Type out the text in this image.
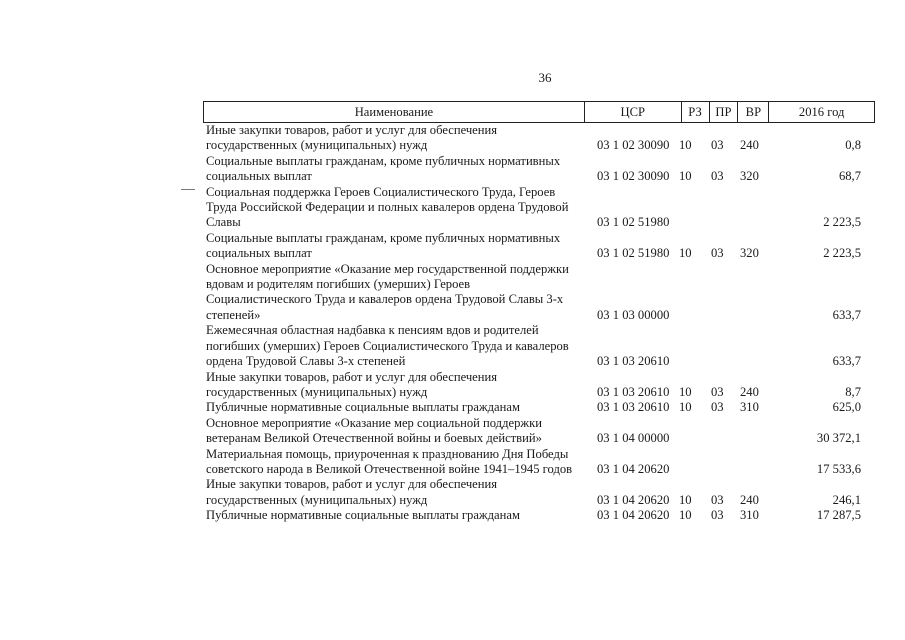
36
Наименование	ЦСР	РЗ	ПР	ВР	2016 год
Иные закупки товаров, работ и услуг для обеспечения
государственных (муниципальных) нужд	03 1 02 30090 10	03	240	0,8
Социальные выплаты гражданам, кроме публичных нормативных
социальных выплат	03 1 02 30090 10	03	320	68,7
Социальная поддержка Героев Социалистического Труда, Героев
Труда Российской Федерации и полных кавалеров ордена Трудовой
Славы	03 1 02 51980	2 223,5
Социальные выплаты гражданам, кроме публичных нормативных
социальных выплат	03 1 02 51980 10	03	320	2 223,5
Основное мероприятие «Оказание мер государственной поддержки
вдовам и родителям погибших (умерших) Героев
Социалистического Труда и кавалеров ордена Трудовой Славы 3-х
степеней»	03 1 03 00000	633,7
Ежемесячная областная надбавка к пенсиям вдов и родителей
погибших (умерших) Героев Социалистического Труда и кавалеров
ордена Трудовой Славы 3-х степеней	03 1 03 20610	633,7
Иные закупки товаров, работ и услуг для обеспечения
государственных (муниципальных) нужд	03 1 03 20610 10	03	240	8,7
Публичные нормативные социальные выплаты гражданам	03 1 03 20610 10	03	310	625,0
Основное мероприятие «Оказание мер социальной поддержки
ветеранам Великой Отечественной войны и боевых действий»	03 1 04 00000	30 372,1
Материальная помощь, приуроченная к празднованию Дня Победы
советского народа в Великой Отечественной войне 1941–1945 годов	03 1 04 20620	17 533,6
Иные закупки товаров, работ и услуг для обеспечения
государственных (муниципальных) нужд	03 1 04 20620 10	03	240	246,1
Публичные нормативные социальные выплаты гражданам	03 1 04 20620 10	03	310	17 287,5
